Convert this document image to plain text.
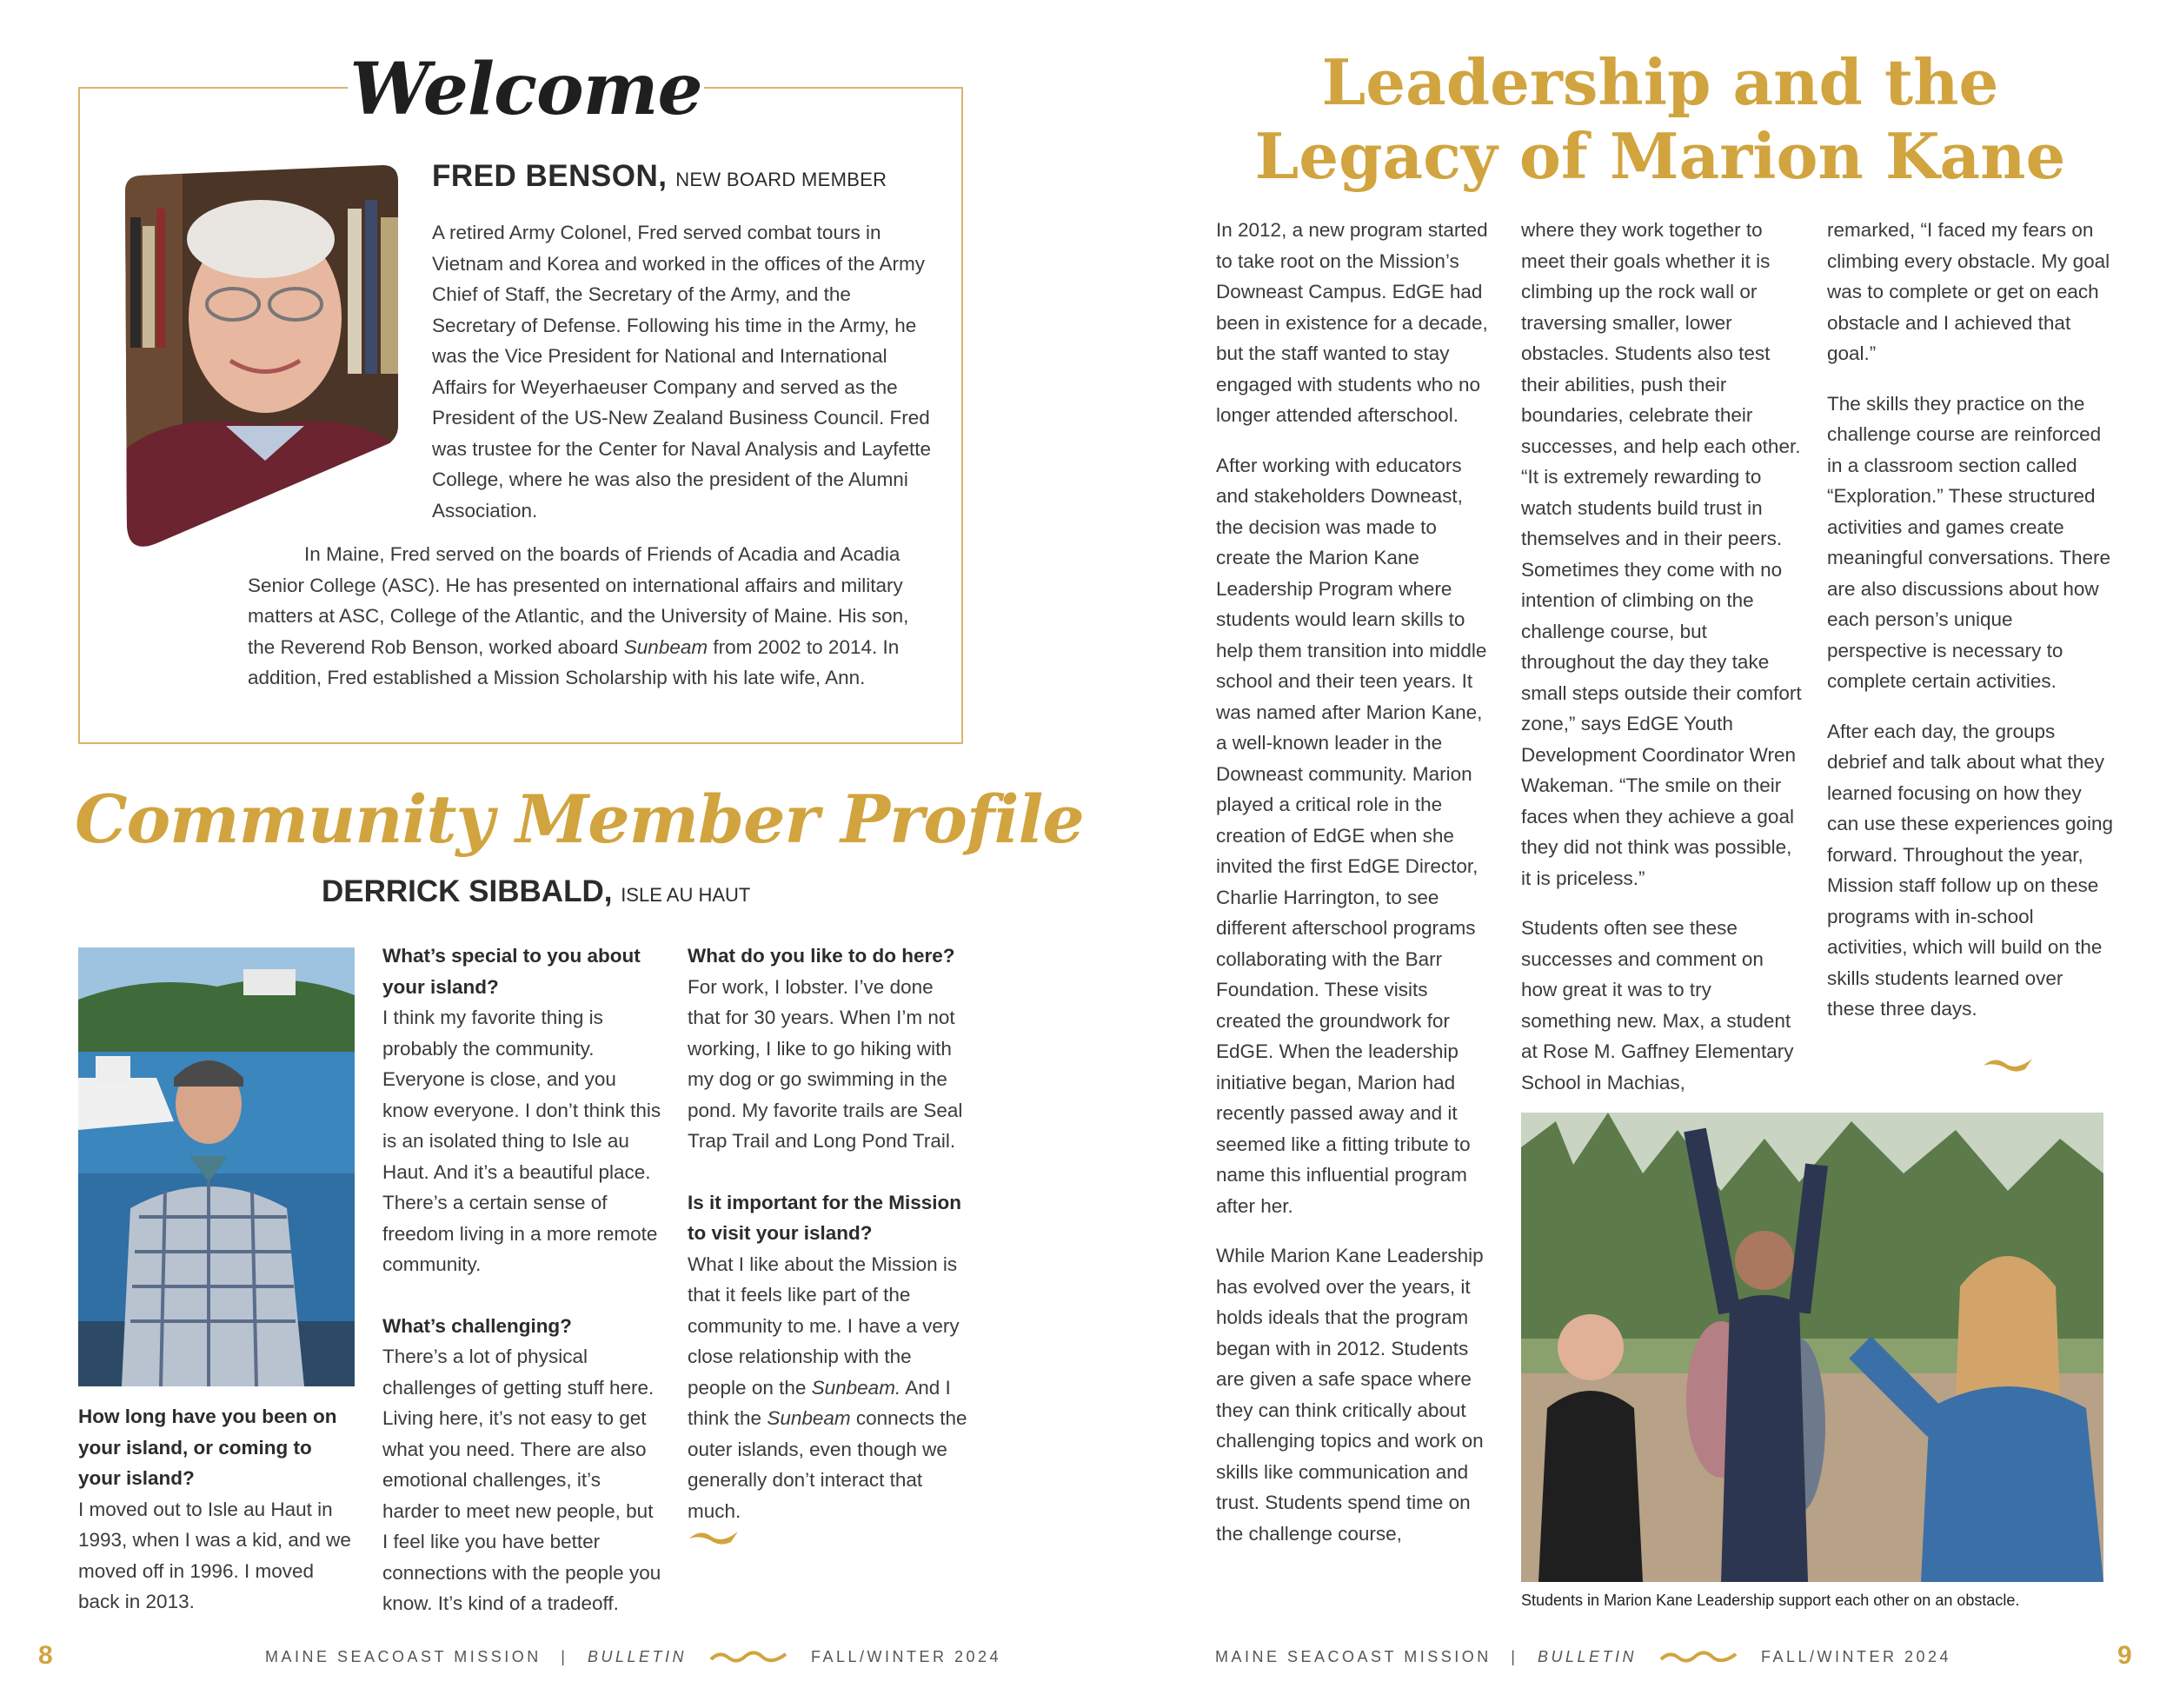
Welcome
FRED BENSON, NEW BOARD MEMBER

A retired Army Colonel, Fred served combat tours in Vietnam and Korea and worked in the offices of the Army Chief of Staff, the Secretary of the Army, and the Secretary of Defense. Following his time in the Army, he was the Vice President for National and International Affairs for Weyerhaeuser Company and served as the President of the US-New Zealand Business Council. Fred was trustee for the Center for Naval Analysis and Layfette College, where he was also the president of the Alumni Association.

In Maine, Fred served on the boards of Friends of Acadia and Acadia Senior College (ASC). He has presented on international affairs and military matters at ASC, College of the Atlantic, and the University of Maine. His son, the Reverend Rob Benson, worked aboard Sunbeam from 2002 to 2014. In addition, Fred established a Mission Scholarship with his late wife, Ann.

Community Member Profile
DERRICK SIBBALD, ISLE AU HAUT

How long have you been on your island, or coming to your island?

I moved out to Isle au Haut in 1993, when I was a kid, and we moved off in 1996. I moved back in 2013.

What’s special to you about your island?

I think my favorite thing is probably the community. Everyone is close, and you know everyone. I don’t think this is an isolated thing to Isle au Haut. And it’s a beautiful place. There’s a certain sense of freedom living in a more remote community.

What’s challenging?

There’s a lot of physical challenges of getting stuff here. Living here, it’s not easy to get what you need. There are also emotional challenges, it’s harder to meet new people, but I feel like you have better connections with the people you know. It’s kind of a tradeoff.

What do you like to do here?

For work, I lobster. I’ve done that for 30 years. When I’m not working, I like to go hiking with my dog or go swimming in the pond. My favorite trails are Seal Trap Trail and Long Pond Trail.

Is it important for the Mission to visit your island?

What I like about the Mission is that it feels like part of the community to me. I have a very close relationship with the people on the Sunbeam. And I think the Sunbeam connects the outer islands, even though we generally don’t interact that much.

Leadership and the
Legacy of Marion Kane

In 2012, a new program started to take root on the Mission’s Downeast Campus. EdGE had been in existence for a decade, but the staff wanted to stay engaged with students who no longer attended afterschool.

After working with educators and stakeholders Downeast, the decision was made to create the Marion Kane Leadership Program where students would learn skills to help them transition into middle school and their teen years. It was named after Marion Kane, a well-known leader in the Downeast community. Marion played a critical role in the creation of EdGE when she invited the first EdGE Director, Charlie Harrington, to see different afterschool programs collaborating with the Barr Foundation. These visits created the groundwork for EdGE. When the leadership initiative began, Marion had recently passed away and it seemed like a fitting tribute to name this influential program after her.

While Marion Kane Leadership has evolved over the years, it holds ideals that the program began with in 2012. Students are given a safe space where they can think critically about challenging topics and work on skills like communication and trust. Students spend time on the challenge course,

where they work together to meet their goals whether it is climbing up the rock wall or traversing smaller, lower obstacles. Students also test their abilities, push their boundaries, celebrate their successes, and help each other. “It is extremely rewarding to watch students build trust in themselves and in their peers. Sometimes they come with no intention of climbing on the challenge course, but throughout the day they take small steps outside their comfort zone,” says EdGE Youth Development Coordinator Wren Wakeman. “The smile on their faces when they achieve a goal they did not think was possible, it is priceless.”

Students often see these successes and comment on how great it was to try something new. Max, a student at Rose M. Gaffney Elementary School in Machias,

remarked, “I faced my fears on climbing every obstacle. My goal was to complete or get on each obstacle and I achieved that goal.”

The skills they practice on the challenge course are reinforced in a classroom section called “Exploration.” These structured activities and games create meaningful conversations. There are also discussions about how each person’s unique perspective is necessary to complete certain activities.

After each day, the groups debrief and talk about what they learned focusing on how they can use these experiences going forward. Throughout the year, Mission staff follow up on these programs with in-school activities, which will build on the skills students learned over these three days.

Students in Marion Kane Leadership support each other on an obstacle.
8	MAINE SEACOAST MISSION | BULLETIN	FALL/WINTER 2024	MAINE SEACOAST MISSION | BULLETIN	FALL/WINTER 2024	9
